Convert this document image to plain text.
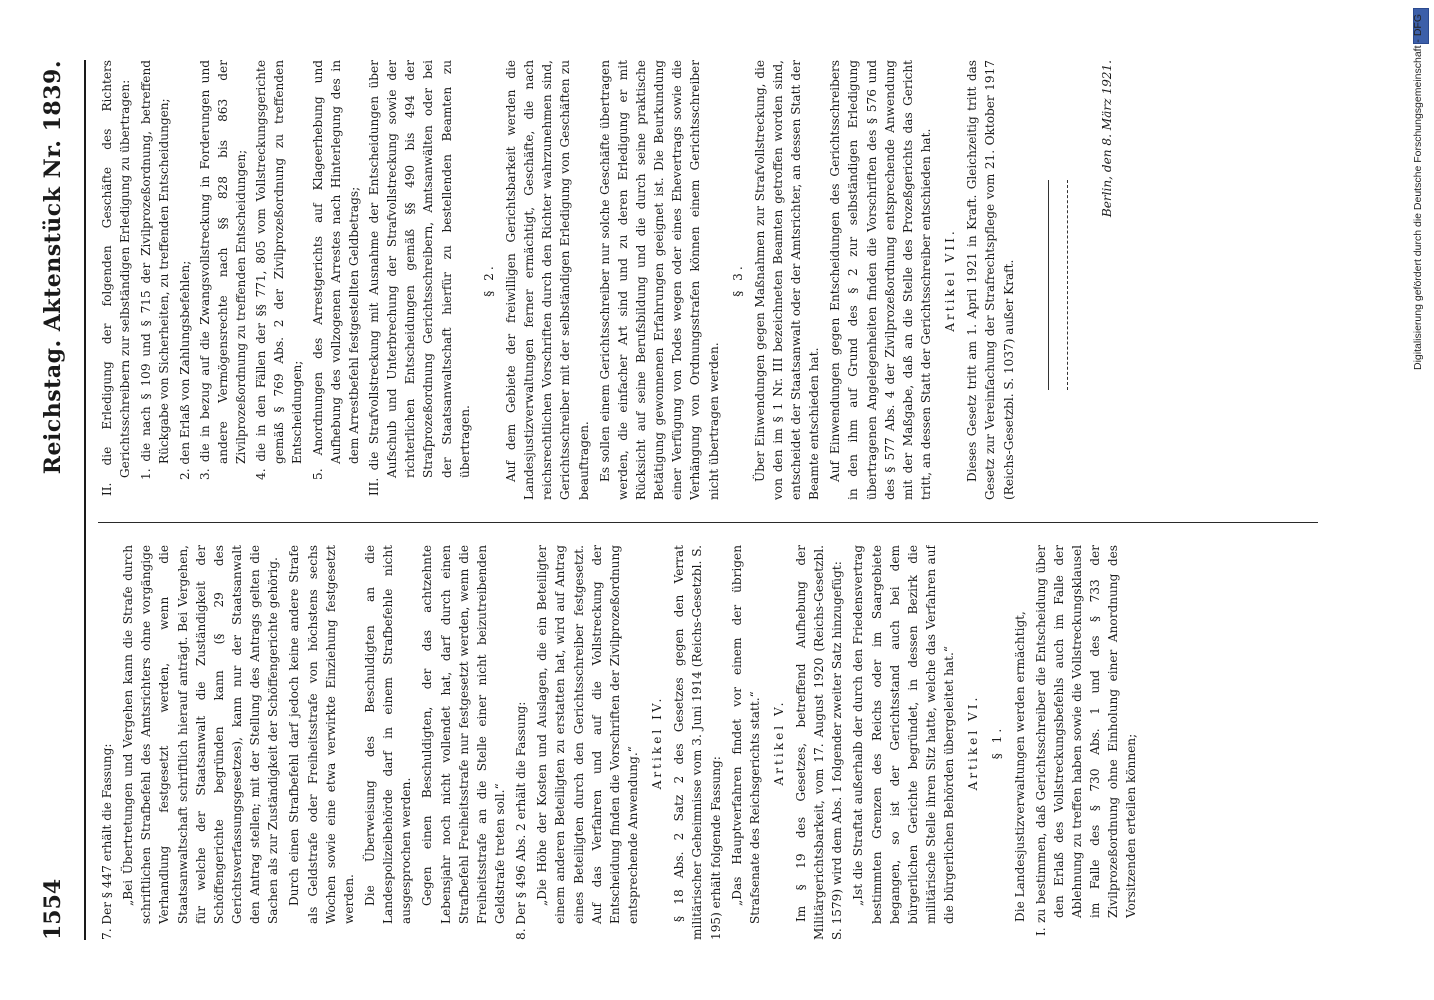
1554
Reichstag. Aktenstück Nr. 1839.

7. Der § 447 erhält die Fassung: „Bei Übertretungen und Vergehen kann die Strafe durch schriftlichen Strafbefehl des Amtsrichters ohne vorgängige Verhandlung festgesetzt werden, wenn die Staatsanwaltschaft schriftlich hierauf anträgt. Bei Vergehen, für welche der Staatsanwalt die Zuständigkeit der Schöffengerichte begründen kann (§ 29 des Gerichtsverfassungsgesetzes), kann nur der Staatsanwalt den Antrag stellen; mit der Stellung des Antrags gelten die Sachen als zur Zuständigkeit der Schöffengerichte gehörig. Durch einen Strafbefehl darf jedoch keine andere Strafe als Geldstrafe oder Freiheitsstrafe von höchstens sechs Wochen sowie eine etwa verwirkte Einziehung festgesetzt werden. Die Überweisung des Beschuldigten an die Landespolizeibehörde darf in einem Strafbefehle nicht ausgesprochen werden. Gegen einen Beschuldigten, der das achtzehnte Lebensjahr noch nicht vollendet hat, darf durch einen Strafbefehl Freiheitsstrafe nur festgesetzt werden, wenn die Freiheitsstrafe an die Stelle einer nicht beizutreibenden Geldstrafe treten soll.“ 8. Der § 496 Abs. 2 erhält die Fassung: „Die Höhe der Kosten und Auslagen, die ein Beteiligter einem anderen Beteiligten zu erstatten hat, wird auf Antrag eines Beteiligten durch den Gerichtsschreiber festgesetzt. Auf das Verfahren und auf die Vollstreckung der Entscheidung finden die Vorschriften der Zivilprozeßordnung entsprechende Anwendung.“

Artikel IV. § 18 Abs. 2 Satz 2 des Gesetzes gegen den Verrat militärischer Geheimnisse vom 3. Juni 1914 (Reichs-Gesetzbl. S. 195) erhält folgende Fassung: „Das Hauptverfahren findet vor einem der übrigen Strafsenate des Reichsgerichts statt.“ Artikel V. Im § 19 des Gesetzes, betreffend Aufhebung der Militärgerichtsbarkeit, vom 17. August 1920 (Reichs-Gesetzbl. S. 1579) wird dem Abs. 1 folgender zweiter Satz hinzugefügt: „Ist die Straftat außerhalb der durch den Friedensvertrag bestimmten Grenzen des Reichs oder im Saargebiete begangen, so ist der Gerichtsstand auch bei dem bürgerlichen Gerichte begründet, in dessen Bezirk die militärische Stelle ihren Sitz hatte, welche das Verfahren auf die bürgerlichen Behörden übergeleitet hat.“ Artikel VI. § 1. Die Landesjustizverwaltungen werden ermächtigt, I. zu bestimmen, daß Gerichtsschreiber die Entscheidung über den Erlaß des Vollstreckungsbefehls auch im Falle der Ablehnung zu treffen haben sowie die Vollstreckungsklausel im Falle des § 730 Abs. 1 und des § 733 der Zivilprozeßordnung ohne Einholung einer Anordnung des Vorsitzenden erteilen können;

II. die Erledigung der folgenden Geschäfte des Richters Gerichtsschreibern zur selbständigen Erledigung zu übertragen: 1. die nach § 109 und § 715 der Zivilprozeßordnung, betreffend Rückgabe von Sicherheiten, zu treffenden Entscheidungen; 2. den Erlaß von Zahlungsbefehlen; 3. die in bezug auf die Zwangsvollstreckung in Forderungen und andere Vermögensrechte nach §§ 828 bis 863 der Zivilprozeßordnung zu treffenden Entscheidungen; 4. die in den Fällen der §§ 771, 805 vom Vollstreckungsgerichte gemäß § 769 Abs. 2 der Zivilprozeßordnung zu treffenden Entscheidungen; 5. Anordnungen des Arrestgerichts auf Klageerhebung und Aufhebung des vollzogenen Arrestes nach Hinterlegung des in dem Arrestbefehl festgestellten Geldbetrags; III. die Strafvollstreckung mit Ausnahme der Entscheidungen über Aufschub und Unterbrechung der Strafvollstreckung sowie der richterlichen Entscheidungen gemäß §§ 490 bis 494 der Strafprozeßordnung Gerichtsschreibern, Amtsanwälten oder bei der Staatsanwaltschaft hierfür zu bestellenden Beamten zu übertragen.

§ 2. Auf dem Gebiete der freiwilligen Gerichtsbarkeit werden die Landesjustizverwaltungen ferner ermächtigt, Geschäfte, die nach reichsrechtlichen Vorschriften durch den Richter wahrzunehmen sind, Gerichtsschreiber mit der selbständigen Erledigung von Geschäften zu beauftragen. Es sollen einem Gerichtsschreiber nur solche Geschäfte übertragen werden, die einfacher Art sind und zu deren Erledigung er mit Rücksicht auf seine Berufsbildung und die durch seine praktische Betätigung gewonnenen Erfahrungen geeignet ist. Die Beurkundung einer Verfügung von Todes wegen oder eines Ehevertrags sowie die Verhängung von Ordnungsstrafen können einem Gerichtsschreiber nicht übertragen werden.

§ 3. Über Einwendungen gegen Maßnahmen zur Strafvollstreckung, die von den im § 1 Nr. III bezeichneten Beamten getroffen worden sind, entscheidet der Staatsanwalt oder der Amtsrichter, an dessen Statt der Beamte entschieden hat. Auf Einwendungen gegen Entscheidungen des Gerichtsschreibers in den ihm auf Grund des § 2 zur selbständigen Erledigung übertragenen Angelegenheiten finden die Vorschriften des § 576 und des § 577 Abs. 4 der Zivilprozeßordnung entsprechende Anwendung mit der Maßgabe, daß an die Stelle des Prozeßgerichts das Gericht tritt, an dessen Statt der Gerichtsschreiber entschieden hat. Artikel VII. Dieses Gesetz tritt am 1. April 1921 in Kraft. Gleichzeitig tritt das Gesetz zur Vereinfachung der Strafrechtspflege vom 21. Oktober 1917 (Reichs-Gesetzbl. S. 1037) außer Kraft.

Berlin, den 8. März 1921.	Digitalisierung gefördert durch die Deutsche Forschungsgemeinschaft - DFG
